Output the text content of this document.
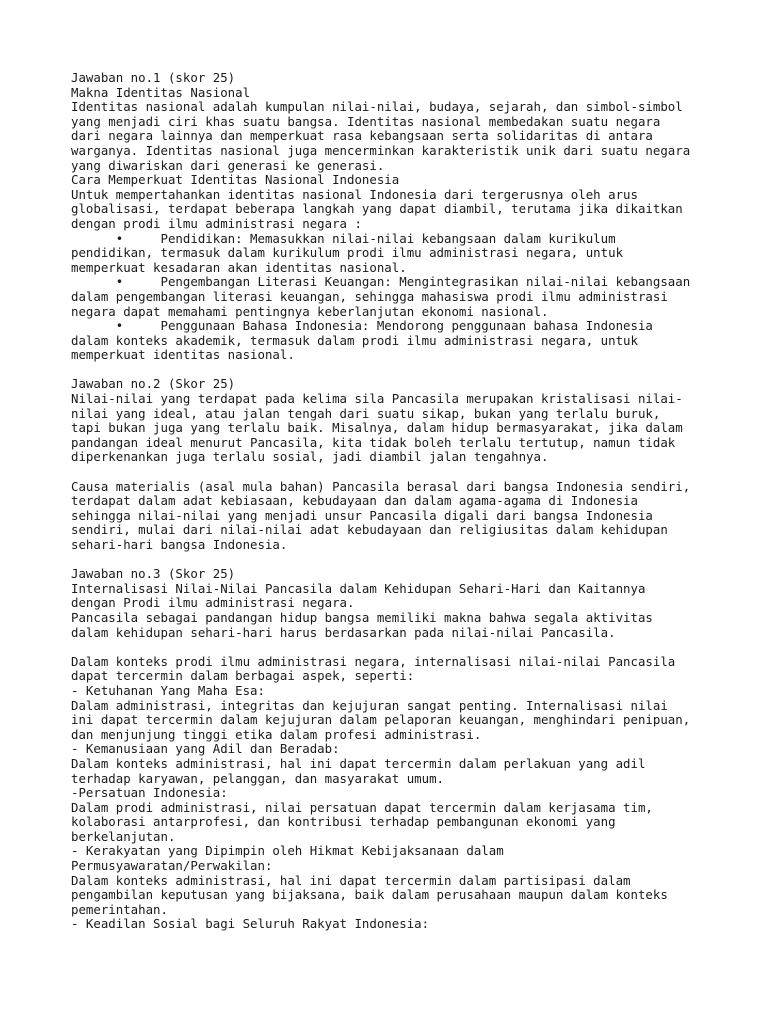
Jawaban no.1 (skor 25)
Makna Identitas Nasional
Identitas nasional adalah kumpulan nilai-nilai, budaya, sejarah, dan simbol-simbol
yang menjadi ciri khas suatu bangsa. Identitas nasional membedakan suatu negara
dari negara lainnya dan memperkuat rasa kebangsaan serta solidaritas di antara
warganya. Identitas nasional juga mencerminkan karakteristik unik dari suatu negara
yang diwariskan dari generasi ke generasi.
Cara Memperkuat Identitas Nasional Indonesia
Untuk mempertahankan identitas nasional Indonesia dari tergerusnya oleh arus
globalisasi, terdapat beberapa langkah yang dapat diambil, terutama jika dikaitkan
dengan prodi ilmu administrasi negara :
•     Pendidikan: Memasukkan nilai-nilai kebangsaan dalam kurikulum
pendidikan, termasuk dalam kurikulum prodi ilmu administrasi negara, untuk
memperkuat kesadaran akan identitas nasional.
•     Pengembangan Literasi Keuangan: Mengintegrasikan nilai-nilai kebangsaan
dalam pengembangan literasi keuangan, sehingga mahasiswa prodi ilmu administrasi
negara dapat memahami pentingnya keberlanjutan ekonomi nasional.
•     Penggunaan Bahasa Indonesia: Mendorong penggunaan bahasa Indonesia
dalam konteks akademik, termasuk dalam prodi ilmu administrasi negara, untuk
memperkuat identitas nasional.
Jawaban no.2 (Skor 25)
Nilai-nilai yang terdapat pada kelima sila Pancasila merupakan kristalisasi nilai-
nilai yang ideal, atau jalan tengah dari suatu sikap, bukan yang terlalu buruk,
tapi bukan juga yang terlalu baik. Misalnya, dalam hidup bermasyarakat, jika dalam
pandangan ideal menurut Pancasila, kita tidak boleh terlalu tertutup, namun tidak
diperkenankan juga terlalu sosial, jadi diambil jalan tengahnya.
Causa materialis (asal mula bahan) Pancasila berasal dari bangsa Indonesia sendiri,
terdapat dalam adat kebiasaan, kebudayaan dan dalam agama-agama di Indonesia
sehingga nilai-nilai yang menjadi unsur Pancasila digali dari bangsa Indonesia
sendiri, mulai dari nilai-nilai adat kebudayaan dan religiusitas dalam kehidupan
sehari-hari bangsa Indonesia.
Jawaban no.3 (Skor 25)
Internalisasi Nilai-Nilai Pancasila dalam Kehidupan Sehari-Hari dan Kaitannya
dengan Prodi ilmu administrasi negara.
Pancasila sebagai pandangan hidup bangsa memiliki makna bahwa segala aktivitas
dalam kehidupan sehari-hari harus berdasarkan pada nilai-nilai Pancasila.
Dalam konteks prodi ilmu administrasi negara, internalisasi nilai-nilai Pancasila
dapat tercermin dalam berbagai aspek, seperti:
- Ketuhanan Yang Maha Esa:
Dalam administrasi, integritas dan kejujuran sangat penting. Internalisasi nilai
ini dapat tercermin dalam kejujuran dalam pelaporan keuangan, menghindari penipuan,
dan menjunjung tinggi etika dalam profesi administrasi.
- Kemanusiaan yang Adil dan Beradab:
Dalam konteks administrasi, hal ini dapat tercermin dalam perlakuan yang adil
terhadap karyawan, pelanggan, dan masyarakat umum.
-Persatuan Indonesia:
Dalam prodi administrasi, nilai persatuan dapat tercermin dalam kerjasama tim,
kolaborasi antarprofesi, dan kontribusi terhadap pembangunan ekonomi yang
berkelanjutan.
- Kerakyatan yang Dipimpin oleh Hikmat Kebijaksanaan dalam
Permusyawaratan/Perwakilan:
Dalam konteks administrasi, hal ini dapat tercermin dalam partisipasi dalam
pengambilan keputusan yang bijaksana, baik dalam perusahaan maupun dalam konteks
pemerintahan.
- Keadilan Sosial bagi Seluruh Rakyat Indonesia:
